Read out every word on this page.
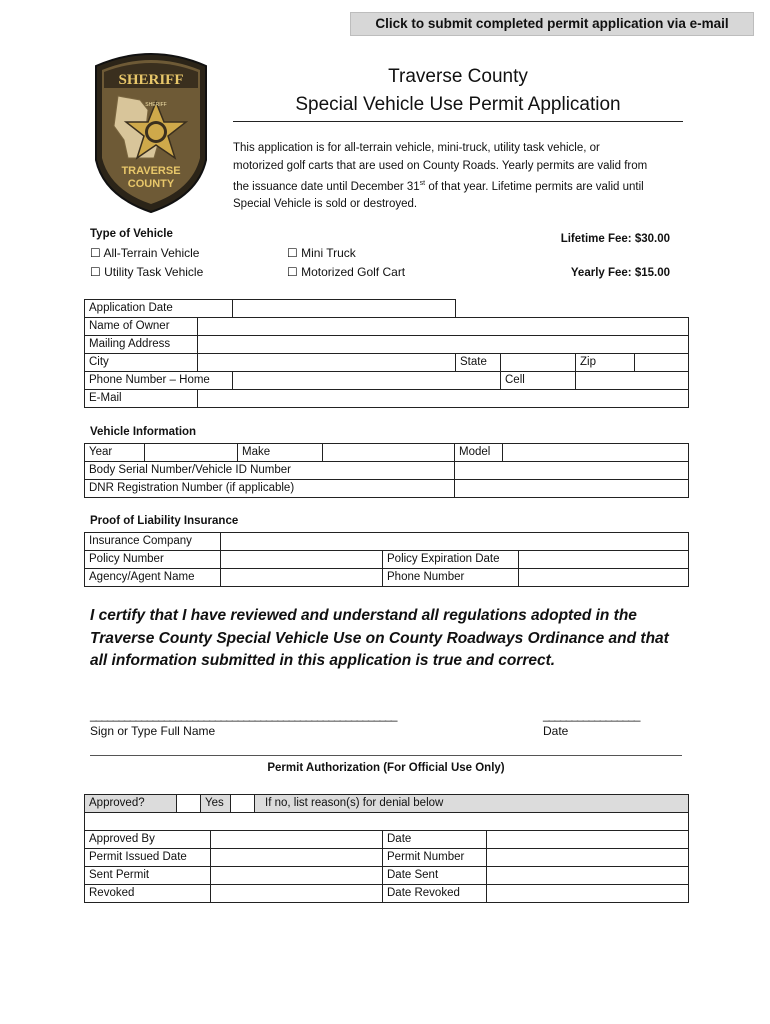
Click to submit completed permit application via e-mail
SHERIFF
SHERIFF
TRAVERSE
COUNTY
Traverse County
Special Vehicle Use Permit Application
This application is for all-terrain vehicle, mini-truck, utility task vehicle, or motorized golf carts that are used on County Roads. Yearly permits are valid from the issuance date until December 31st of that year. Lifetime permits are valid until Special Vehicle is sold or destroyed.
Type of Vehicle
☐ All-Terrain Vehicle	☐ Mini Truck
☐ Utility Task Vehicle	☐ Motorized Golf Cart
Lifetime Fee: $30.00
Yearly Fee: $15.00
Application Date						
Name of Owner						
Mailing Address						
City			State		Zip	
Phone Number – Home				Cell		
E-Mail						
Vehicle Information
Year		Make		Model	
Body Serial Number/Vehicle ID Number					
DNR Registration Number (if applicable)					
Proof of Liability Insurance
Insurance Company			
Policy Number		Policy Expiration Date	
Agency/Agent Name		Phone Number	
I certify that I have reviewed and understand all regulations adopted in the Traverse County Special Vehicle Use on County Roadways Ordinance and that all information submitted in this application is true and correct.
______________________________________________________	_________________
Sign or Type Full Name	Date
Permit Authorization (For Official Use Only)
Approved?		Yes		If no, list reason(s) for denial below

Approved By		Date	
Permit Issued Date		Permit Number	
Sent Permit		Date Sent	
Revoked		Date Revoked	
